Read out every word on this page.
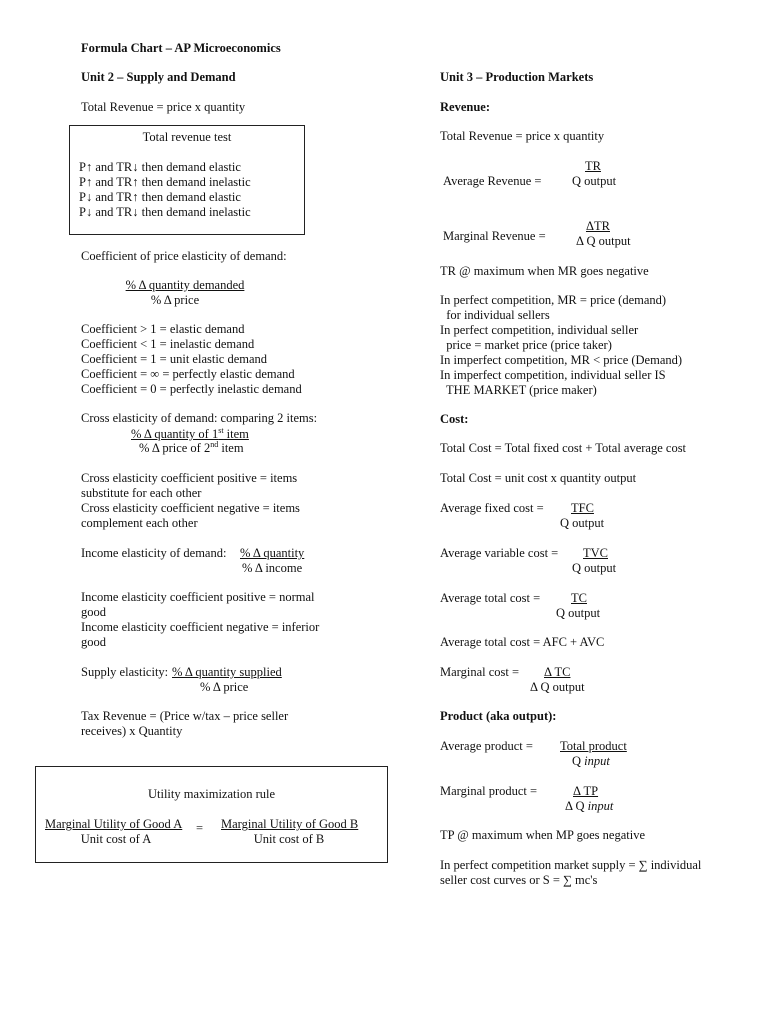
Formula Chart – AP Microeconomics
Unit 2 – Supply and Demand
Total Revenue = price x quantity
Total revenue test
P↑ and TR↓ then demand elastic
P↑ and TR↑ then demand inelastic
P↓ and TR↑ then demand elastic
P↓ and TR↓ then demand inelastic
Coefficient of price elasticity of demand:
% Δ quantity demanded
% Δ price
Coefficient > 1 = elastic demand
Coefficient < 1 = inelastic demand
Coefficient = 1 = unit elastic demand
Coefficient = ∞ = perfectly elastic demand
Coefficient = 0 = perfectly inelastic demand
Cross elasticity of demand: comparing 2 items:
% Δ quantity of 1st item
% Δ price of 2nd item
Cross elasticity coefficient positive = items
substitute for each other
Cross elasticity coefficient negative = items
complement each other
Income elasticity of demand: % Δ quantity
% Δ income
Income elasticity coefficient positive = normal
good
Income elasticity coefficient negative = inferior
good
Supply elasticity: % Δ quantity supplied
% Δ price
Tax Revenue = (Price w/tax – price seller
receives) x Quantity
Utility maximization rule
Marginal Utility of Good A
Unit cost of A
= Marginal Utility of Good B
Unit cost of B
Unit 3 – Production Markets
Revenue:
Total Revenue = price x quantity
Average Revenue =
TR
Q output
Marginal Revenue =
ΔTR
Δ Q output
TR @ maximum when MR goes negative
In perfect competition, MR = price (demand)
for individual sellers
In perfect competition, individual seller
price = market price (price taker)
In imperfect competition, MR < price (Demand)
In imperfect competition, individual seller IS
THE MARKET (price maker)
Cost:
Total Cost = Total fixed cost + Total average cost
Total Cost = unit cost x quantity output
Average fixed cost = TFC
Q output
Average variable cost = TVC
Q output
Average total cost = TC
Q output
Average total cost = AFC + AVC
Marginal cost = Δ TC
Δ Q output
Product (aka output):
Average product = Total product
Q input
Marginal product =	Δ TP
Δ Q input
TP @ maximum when MP goes negative
In perfect competition market supply = ∑ individual
seller cost curves or S = ∑ mc's
